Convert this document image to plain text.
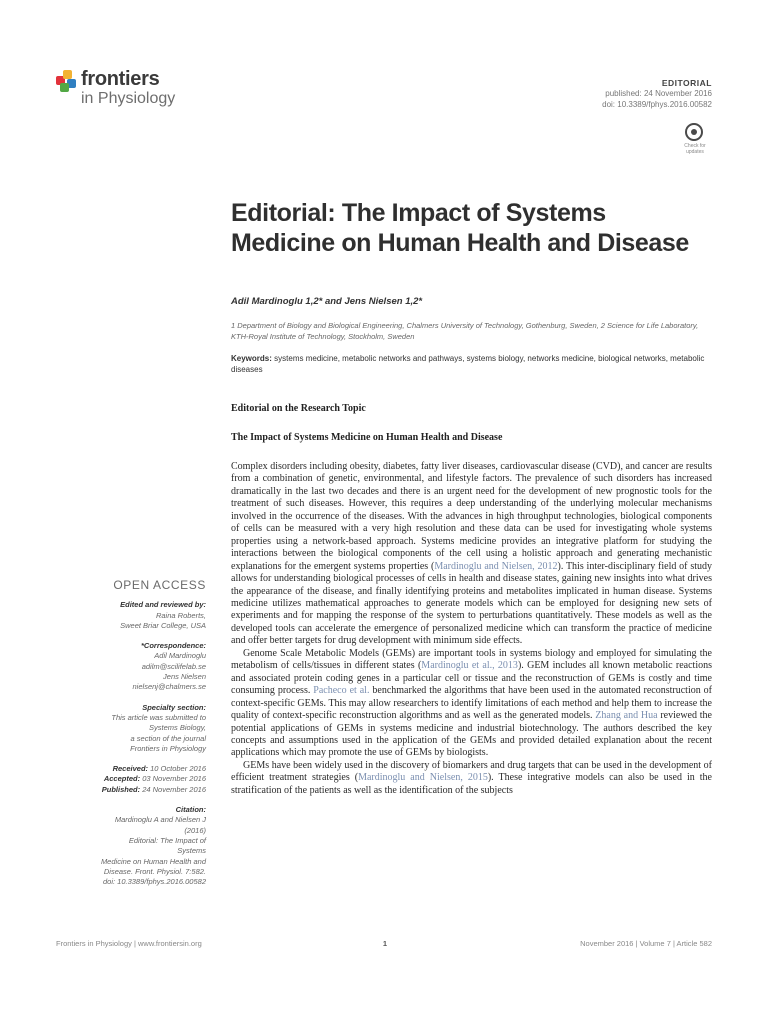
frontiers
in Physiology
EDITORIAL
published: 24 November 2016
doi: 10.3389/fphys.2016.00582
Check for updates
Editorial: The Impact of Systems Medicine on Human Health and Disease
Adil Mardinoglu 1,2* and Jens Nielsen 1,2*
1 Department of Biology and Biological Engineering, Chalmers University of Technology, Gothenburg, Sweden, 2 Science for Life Laboratory, KTH-Royal Institute of Technology, Stockholm, Sweden
Keywords: systems medicine, metabolic networks and pathways, systems biology, networks medicine, biological networks, metabolic diseases
Editorial on the Research Topic
The Impact of Systems Medicine on Human Health and Disease

Complex disorders including obesity, diabetes, fatty liver diseases, cardiovascular disease (CVD), and cancer are results from a combination of genetic, environmental, and lifestyle factors. The prevalence of such disorders has increased dramatically in the last two decades and there is an urgent need for the development of new prognostic tools for the treatment of such diseases. However, this requires a deep understanding of the underlying molecular mechanisms involved in the occurrence of the diseases. With the advances in high throughput technologies, biological components of cells can be measured with a very high resolution and these data can be used for investigating whole systems properties using a network-based approach. Systems medicine provides an integrative platform for studying the interactions between the biological components of the cell using a holistic approach and generating mechanistic explanations for the emergent systems properties (Mardinoglu and Nielsen, 2012). This inter-disciplinary field of study allows for understanding biological processes of cells in health and disease states, gaining new insights into what drives the appearance of the disease, and finally identifying proteins and metabolites implicated in human disease. Systems medicine utilizes mathematical approaches to generate models which can be employed for designing new sets of experiments and for mapping the response of the system to perturbations quantitatively. These models as well as the developed tools can accelerate the emergence of personalized medicine which can transform the practice of medicine and offer better targets for drug development with minimum side effects.

Genome Scale Metabolic Models (GEMs) are important tools in systems biology and employed for simulating the metabolism of cells/tissues in different states (Mardinoglu et al., 2013). GEM includes all known metabolic reactions and associated protein coding genes in a particular cell or tissue and the reconstruction of GEMs is costly and time consuming process. Pacheco et al. benchmarked the algorithms that have been used in the automated reconstruction of context-specific GEMs. This may allow researchers to identify limitations of each method and help them to increase the quality of context-specific reconstruction algorithms and as well as the generated models. Zhang and Hua reviewed the potential applications of GEMs in systems medicine and industrial biotechnology. The authors described the key concepts and assumptions used in the application of the GEMs and provided detailed explanation about the recent applications which may promote the use of GEMs by biologists.

GEMs have been widely used in the discovery of biomarkers and drug targets that can be used in the development of efficient treatment strategies (Mardinoglu and Nielsen, 2015). These integrative models can also be used in the stratification of the patients as well as the identification of the subjects

OPEN ACCESS
Edited and reviewed by:
Raina Roberts,
Sweet Briar College, USA
*Correspondence:
Adil Mardinoglu
adilm@scilifelab.se
Jens Nielsen
nielsenj@chalmers.se
Specialty section:
This article was submitted to
Systems Biology,
a section of the journal
Frontiers in Physiology
Received: 10 October 2016
Accepted: 03 November 2016
Published: 24 November 2016
Citation:
Mardinoglu A and Nielsen J (2016)
Editorial: The Impact of Systems
Medicine on Human Health and
Disease. Front. Physiol. 7:582.
doi: 10.3389/fphys.2016.00582
Frontiers in Physiology | www.frontiersin.org	1	November 2016 | Volume 7 | Article 582
